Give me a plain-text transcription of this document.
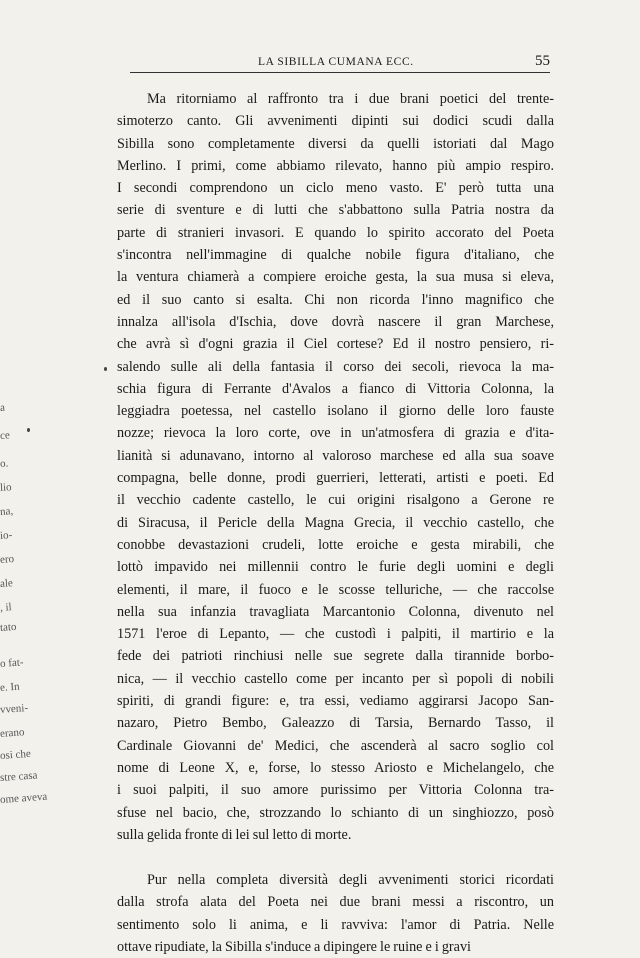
LA SIBILLA CUMANA ECC.	55
a
ce
o.
lio
na,
io-
ero
ale
, il
tato
o fat-
e. In
vveni-
erano
osi che
stre casa
ome aveva
Ma ritorniamo al raffronto tra i due brani poetici del trente-
simoterzo canto. Gli avvenimenti dipinti sui dodici scudi dalla
Sibilla sono completamente diversi da quelli istoriati dal Mago
Merlino. I primi, come abbiamo rilevato, hanno più ampio respiro.
I secondi comprendono un ciclo meno vasto. E' però tutta una
serie di sventure e di lutti che s'abbattono sulla Patria nostra da
parte di stranieri invasori. E quando lo spirito accorato del Poeta
s'incontra nell'immagine di qualche nobile figura d'italiano, che
la ventura chiamerà a compiere eroiche gesta, la sua musa si eleva,
ed il suo canto si esalta. Chi non ricorda l'inno magnifico che
innalza all'isola d'Ischia, dove dovrà nascere il gran Marchese,
che avrà sì d'ogni grazia il Ciel cortese? Ed il nostro pensiero, ri-
salendo sulle ali della fantasia il corso dei secoli, rievoca la ma-
schia figura di Ferrante d'Avalos a fianco di Vittoria Colonna, la
leggiadra poetessa, nel castello isolano il giorno delle loro fauste
nozze; rievoca la loro corte, ove in un'atmosfera di grazia e d'ita-
lianità si adunavano, intorno al valoroso marchese ed alla sua soave
compagna, belle donne, prodi guerrieri, letterati, artisti e poeti. Ed
il vecchio cadente castello, le cui origini risalgono a Gerone re
di Siracusa, il Pericle della Magna Grecia, il vecchio castello, che
conobbe devastazioni crudeli, lotte eroiche e gesta mirabili, che
lottò impavido nei millennii contro le furie degli uomini e degli
elementi, il mare, il fuoco e le scosse telluriche, — che raccolse
nella sua infanzia travagliata Marcantonio Colonna, divenuto nel
1571 l'eroe di Lepanto, — che custodì i palpiti, il martirio e la
fede dei patrioti rinchiusi nelle sue segrete dalla tirannide borbo-
nica, — il vecchio castello come per incanto per sì popoli di nobili
spiriti, di grandi figure: e, tra essi, vediamo aggirarsi Jacopo San-
nazaro, Pietro Bembo, Galeazzo di Tarsia, Bernardo Tasso, il
Cardinale Giovanni de' Medici, che ascenderà al sacro soglio col
nome di Leone X, e, forse, lo stesso Ariosto e Michelangelo, che
i suoi palpiti, il suo amore purissimo per Vittoria Colonna tra-
sfuse nel bacio, che, strozzando lo schianto di un singhiozzo, posò
sulla gelida fronte di lei sul letto di morte.
Pur nella completa diversità degli avvenimenti storici ricordati
dalla strofa alata del Poeta nei due brani messi a riscontro, un
sentimento solo li anima, e li ravviva: l'amor di Patria. Nelle
ottave ripudiate, la Sibilla s'induce a dipingere le ruine e i gravi
